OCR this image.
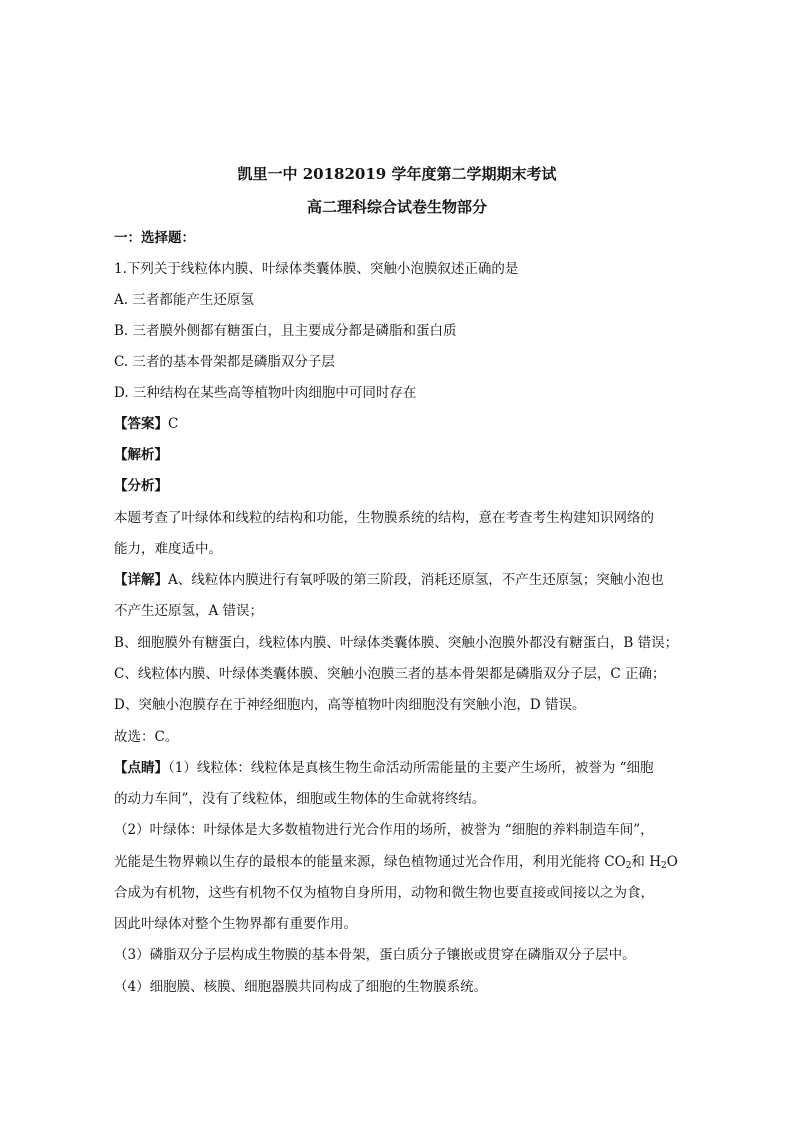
凯里一中 20182019 学年度第二学期期末考试
高二理科综合试卷生物部分
一：选择题：
1.下列关于线粒体内膜、叶绿体类囊体膜、突触小泡膜叙述正确的是
A. 三者都能产生还原氢
B. 三者膜外侧都有糖蛋白，且主要成分都是磷脂和蛋白质
C. 三者的基本骨架都是磷脂双分子层
D. 三种结构在某些高等植物叶肉细胞中可同时存在
【答案】C
【解析】
【分析】
本题考查了叶绿体和线粒的结构和功能，生物膜系统的结构，意在考查考生构建知识网络的
能力，难度适中。
【详解】A、线粒体内膜进行有氧呼吸的第三阶段，消耗还原氢，不产生还原氢；突触小泡也
不产生还原氢，A 错误；
B、细胞膜外有糖蛋白，线粒体内膜、叶绿体类囊体膜、突触小泡膜外都没有糖蛋白，B 错误；
C、线粒体内膜、叶绿体类囊体膜、突触小泡膜三者的基本骨架都是磷脂双分子层，C 正确；
D、突触小泡膜存在于神经细胞内，高等植物叶肉细胞没有突触小泡，D 错误。
故选：C。
【点睛】（1）线粒体：线粒体是真核生物生命活动所需能量的主要产生场所，被誉为 “细胞
的动力车间”，没有了线粒体，细胞或生物体的生命就将终结。
（2）叶绿体：叶绿体是大多数植物进行光合作用的场所，被誉为 “细胞的养料制造车间”，
光能是生物界赖以生存的最根本的能量来源，绿色植物通过光合作用，利用光能将 $CO_2$和 $H_2O$
合成为有机物，这些有机物不仅为植物自身所用，动物和微生物也要直接或间接以之为食，
因此叶绿体对整个生物界都有重要作用。
（3）磷脂双分子层构成生物膜的基本骨架，蛋白质分子镶嵌或贯穿在磷脂双分子层中。
（4）细胞膜、核膜、细胞器膜共同构成了细胞的生物膜系统。
